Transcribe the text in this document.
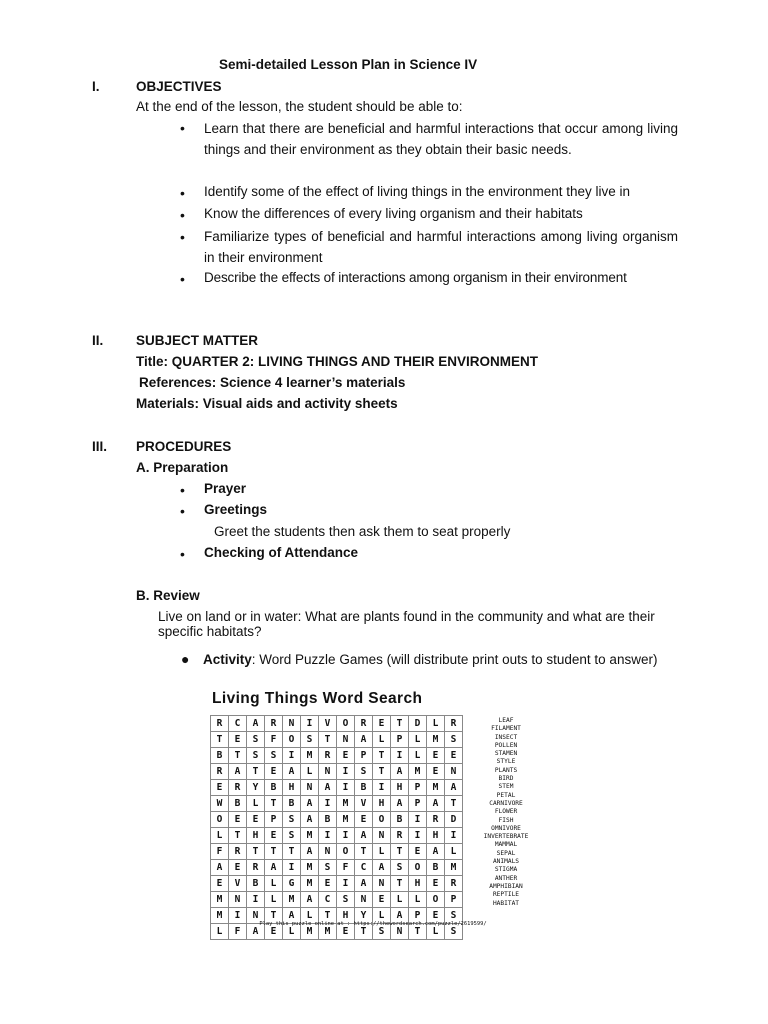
Semi-detailed Lesson Plan in Science IV
I.	OBJECTIVES
At the end of the lesson, the student should be able to:
• Learn that there are beneficial and harmful interactions that occur among living things and their environment as they obtain their basic needs.
• Identify some of the effect of living things in the environment they live in
• Know the differences of every living organism and their habitats
• Familiarize types of beneficial and harmful interactions among living organism in their environment
• Describe the effects of interactions among organism in their environment
II. SUBJECT MATTER
Title: QUARTER 2: LIVING THINGS AND THEIR ENVIRONMENT
References: Science 4 learner’s materials
Materials: Visual aids and activity sheets
III. PROCEDURES
A. Preparation
• Prayer
• Greetings
Greet the students then ask them to seat properly
• Checking of Attendance
B. Review
Live on land or in water: What are plants found in the community and what are their specific habitats?
● Activity: Word Puzzle Games (will distribute print outs to student to answer)
Living Things Word Search
R	C	A	R	N	I	V	O	R	E	T	D	L	R
T	E	S	F	O	S	T	N	A	L	P	L	M	S
B	T	S	S	I	M	R	E	P	T	I	L	E	E
R	A	T	E	A	L	N	I	S	T	A	M	E	N
E	R	Y	B	H	N	A	I	B	I	H	P	M	A
W	B	L	T	B	A	I	M	V	H	A	P	A	T
O	E	E	P	S	A	B	M	E	O	B	I	R	D
L	T	H	E	S	M	I	I	A	N	R	I	H	I
F	R	T	T	T	A	N	O	T	L	T	E	A	L
A	E	R	A	I	M	S	F	C	A	S	O	B	M
E	V	B	L	G	M	E	I	A	N	T	H	E	R
M	N	I	L	M	A	C	S	N	E	L	L	O	P
M	I	N	T	A	L	T	H	Y	L	A	P	E	S
L	F	A	E	L	M	M	E	T	S	N	T	L	S
LEAF
FILAMENT
INSECT
POLLEN
STAMEN
STYLE
PLANTS
BIRD
STEM
PETAL
CARNIVORE
FLOWER
FISH
OMNIVORE
INVERTEBRATE
MAMMAL
SEPAL
ANIMALS
STIGMA
ANTHER
AMPHIBIAN
REPTILE
HABITAT
Play this puzzle online at : https://thewordsearch.com/puzzle/2619599/
